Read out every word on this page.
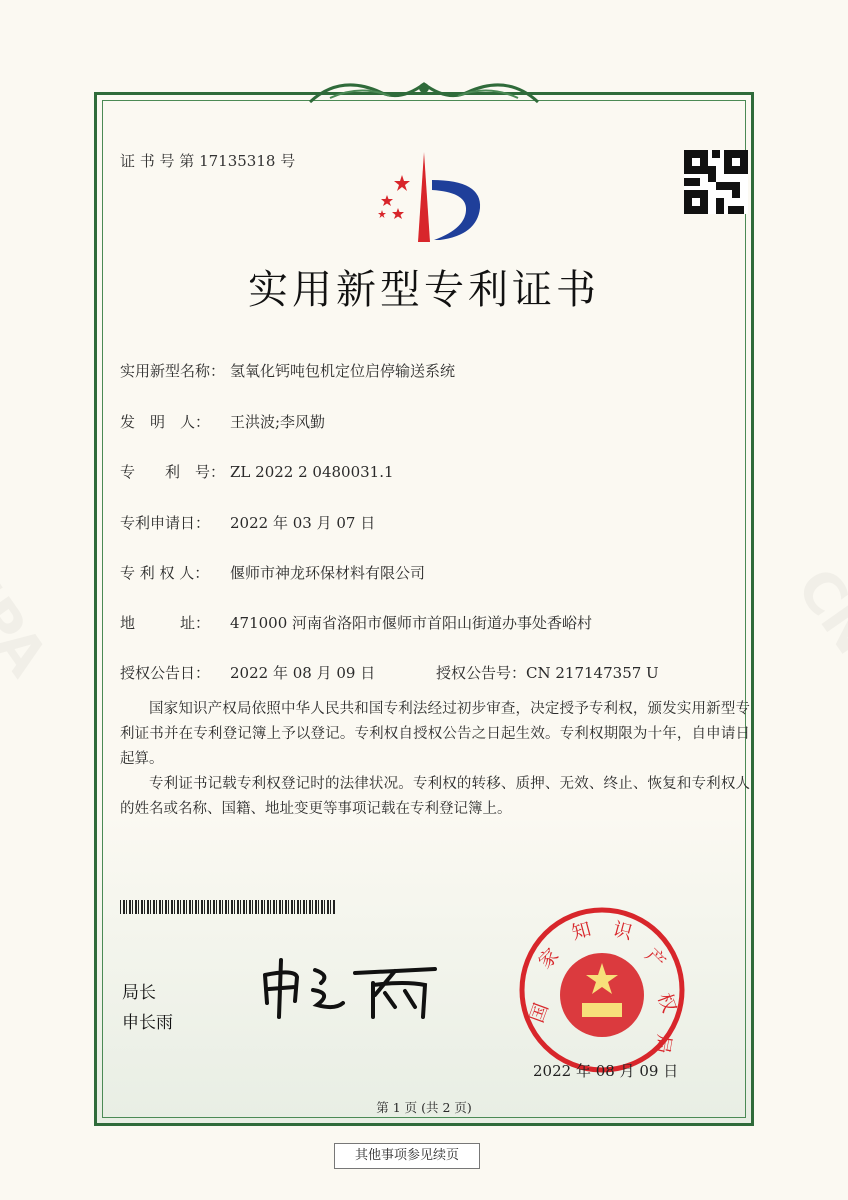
证 书 号 第 17135318 号
实用新型专利证书
实用新型名称： 氢氧化钙吨包机定位启停输送系统
发　明　人： 王洪波;李风勤
专　　利　号： ZL 2022 2 0480031.1
专利申请日： 2022 年 03 月 07 日
专 利 权 人： 偃师市神龙环保材料有限公司
地　　　址： 471000 河南省洛阳市偃师市首阳山街道办事处香峪村
授权公告日： 2022 年 08 月 09 日	授权公告号：CN 217147357 U
国家知识产权局依照中华人民共和国专利法经过初步审查，决定授予专利权，颁发实用新型专利证书并在专利登记簿上予以登记。专利权自授权公告之日起生效。专利权期限为十年，自申请日起算。
专利证书记载专利权登记时的法律状况。专利权的转移、质押、无效、终止、恢复和专利权人的姓名或名称、国籍、地址变更等事项记载在专利登记簿上。
局长
申长雨	国
家
知 识
产
权
局
2022 年 08 月 09 日
第 1 页 (共 2 页)
其他事项参见续页
